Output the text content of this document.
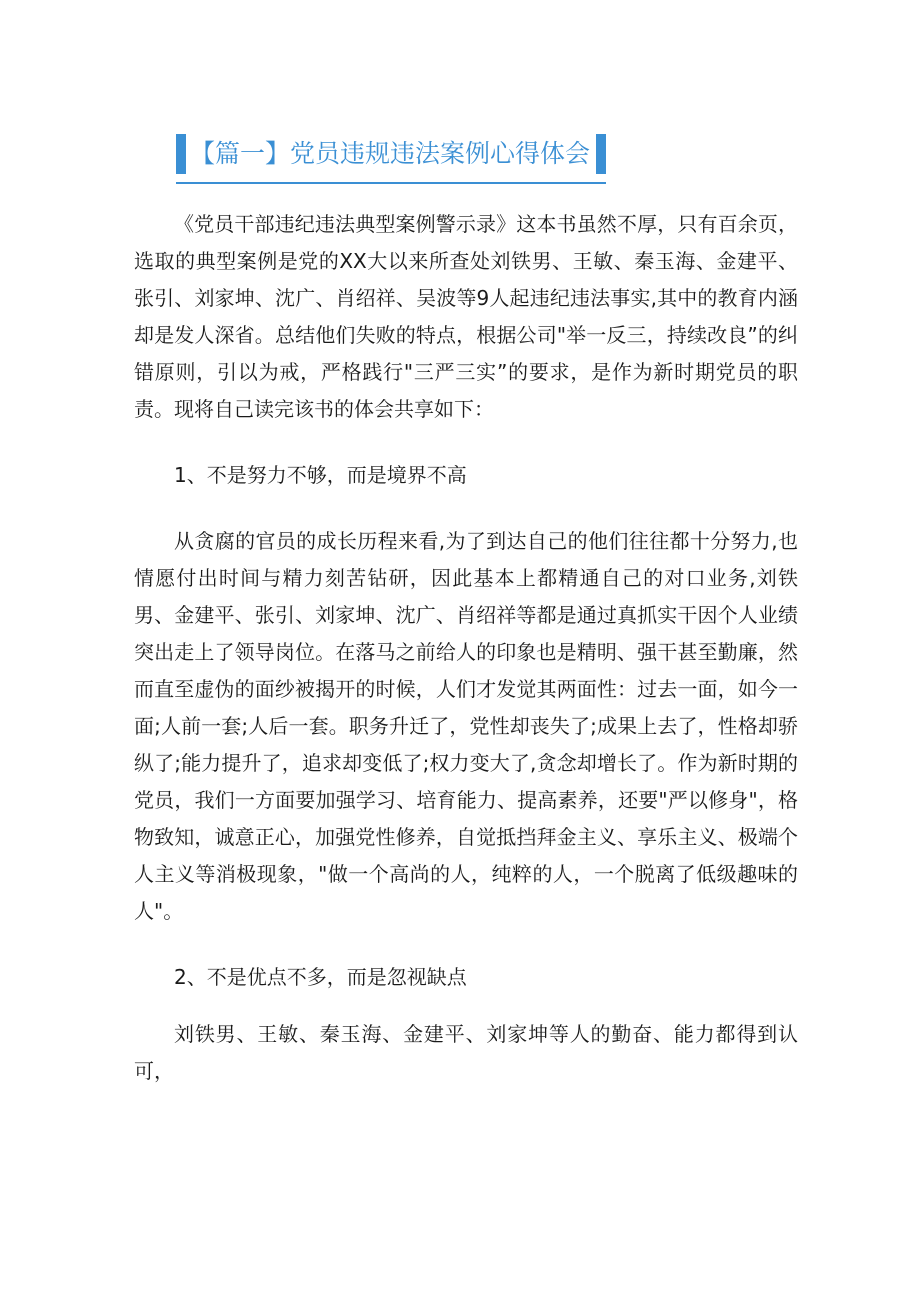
【篇一】党员违规违法案例心得体会

《党员干部违纪违法典型案例警示录》这本书虽然不厚，只有百余页，选取的典型案例是党的XX大以来所查处刘铁男、王敏、秦玉海、金建平、张引、刘家坤、沈广、肖绍祥、吴波等9人起违纪违法事实,其中的教育内涵却是发人深省。总结他们失败的特点，根据公司"举一反三，持续改良”的纠错原则，引以为戒，严格践行"三严三实”的要求，是作为新时期党员的职责。现将自己读完该书的体会共享如下：

1、不是努力不够，而是境界不高

从贪腐的官员的成长历程来看,为了到达自己的他们往往都十分努力,也情愿付出时间与精力刻苦钻研，因此基本上都精通自己的对口业务,刘铁男、金建平、张引、刘家坤、沈广、肖绍祥等都是通过真抓实干因个人业绩突出走上了领导岗位。在落马之前给人的印象也是精明、强干甚至勤廉，然而直至虚伪的面纱被揭开的时候，人们才发觉其两面性：过去一面，如今一面;人前一套;人后一套。职务升迁了，党性却丧失了;成果上去了，性格却骄纵了;能力提升了，追求却变低了;权力变大了,贪念却增长了。作为新时期的党员，我们一方面要加强学习、培育能力、提高素养，还要"严以修身"，格物致知，诚意正心，加强党性修养，自觉抵挡拜金主义、享乐主义、极端个人主义等消极现象，"做一个高尚的人，纯粹的人，一个脱离了低级趣味的人"。

2、不是优点不多，而是忽视缺点

刘铁男、王敏、秦玉海、金建平、刘家坤等人的勤奋、能力都得到认可，
